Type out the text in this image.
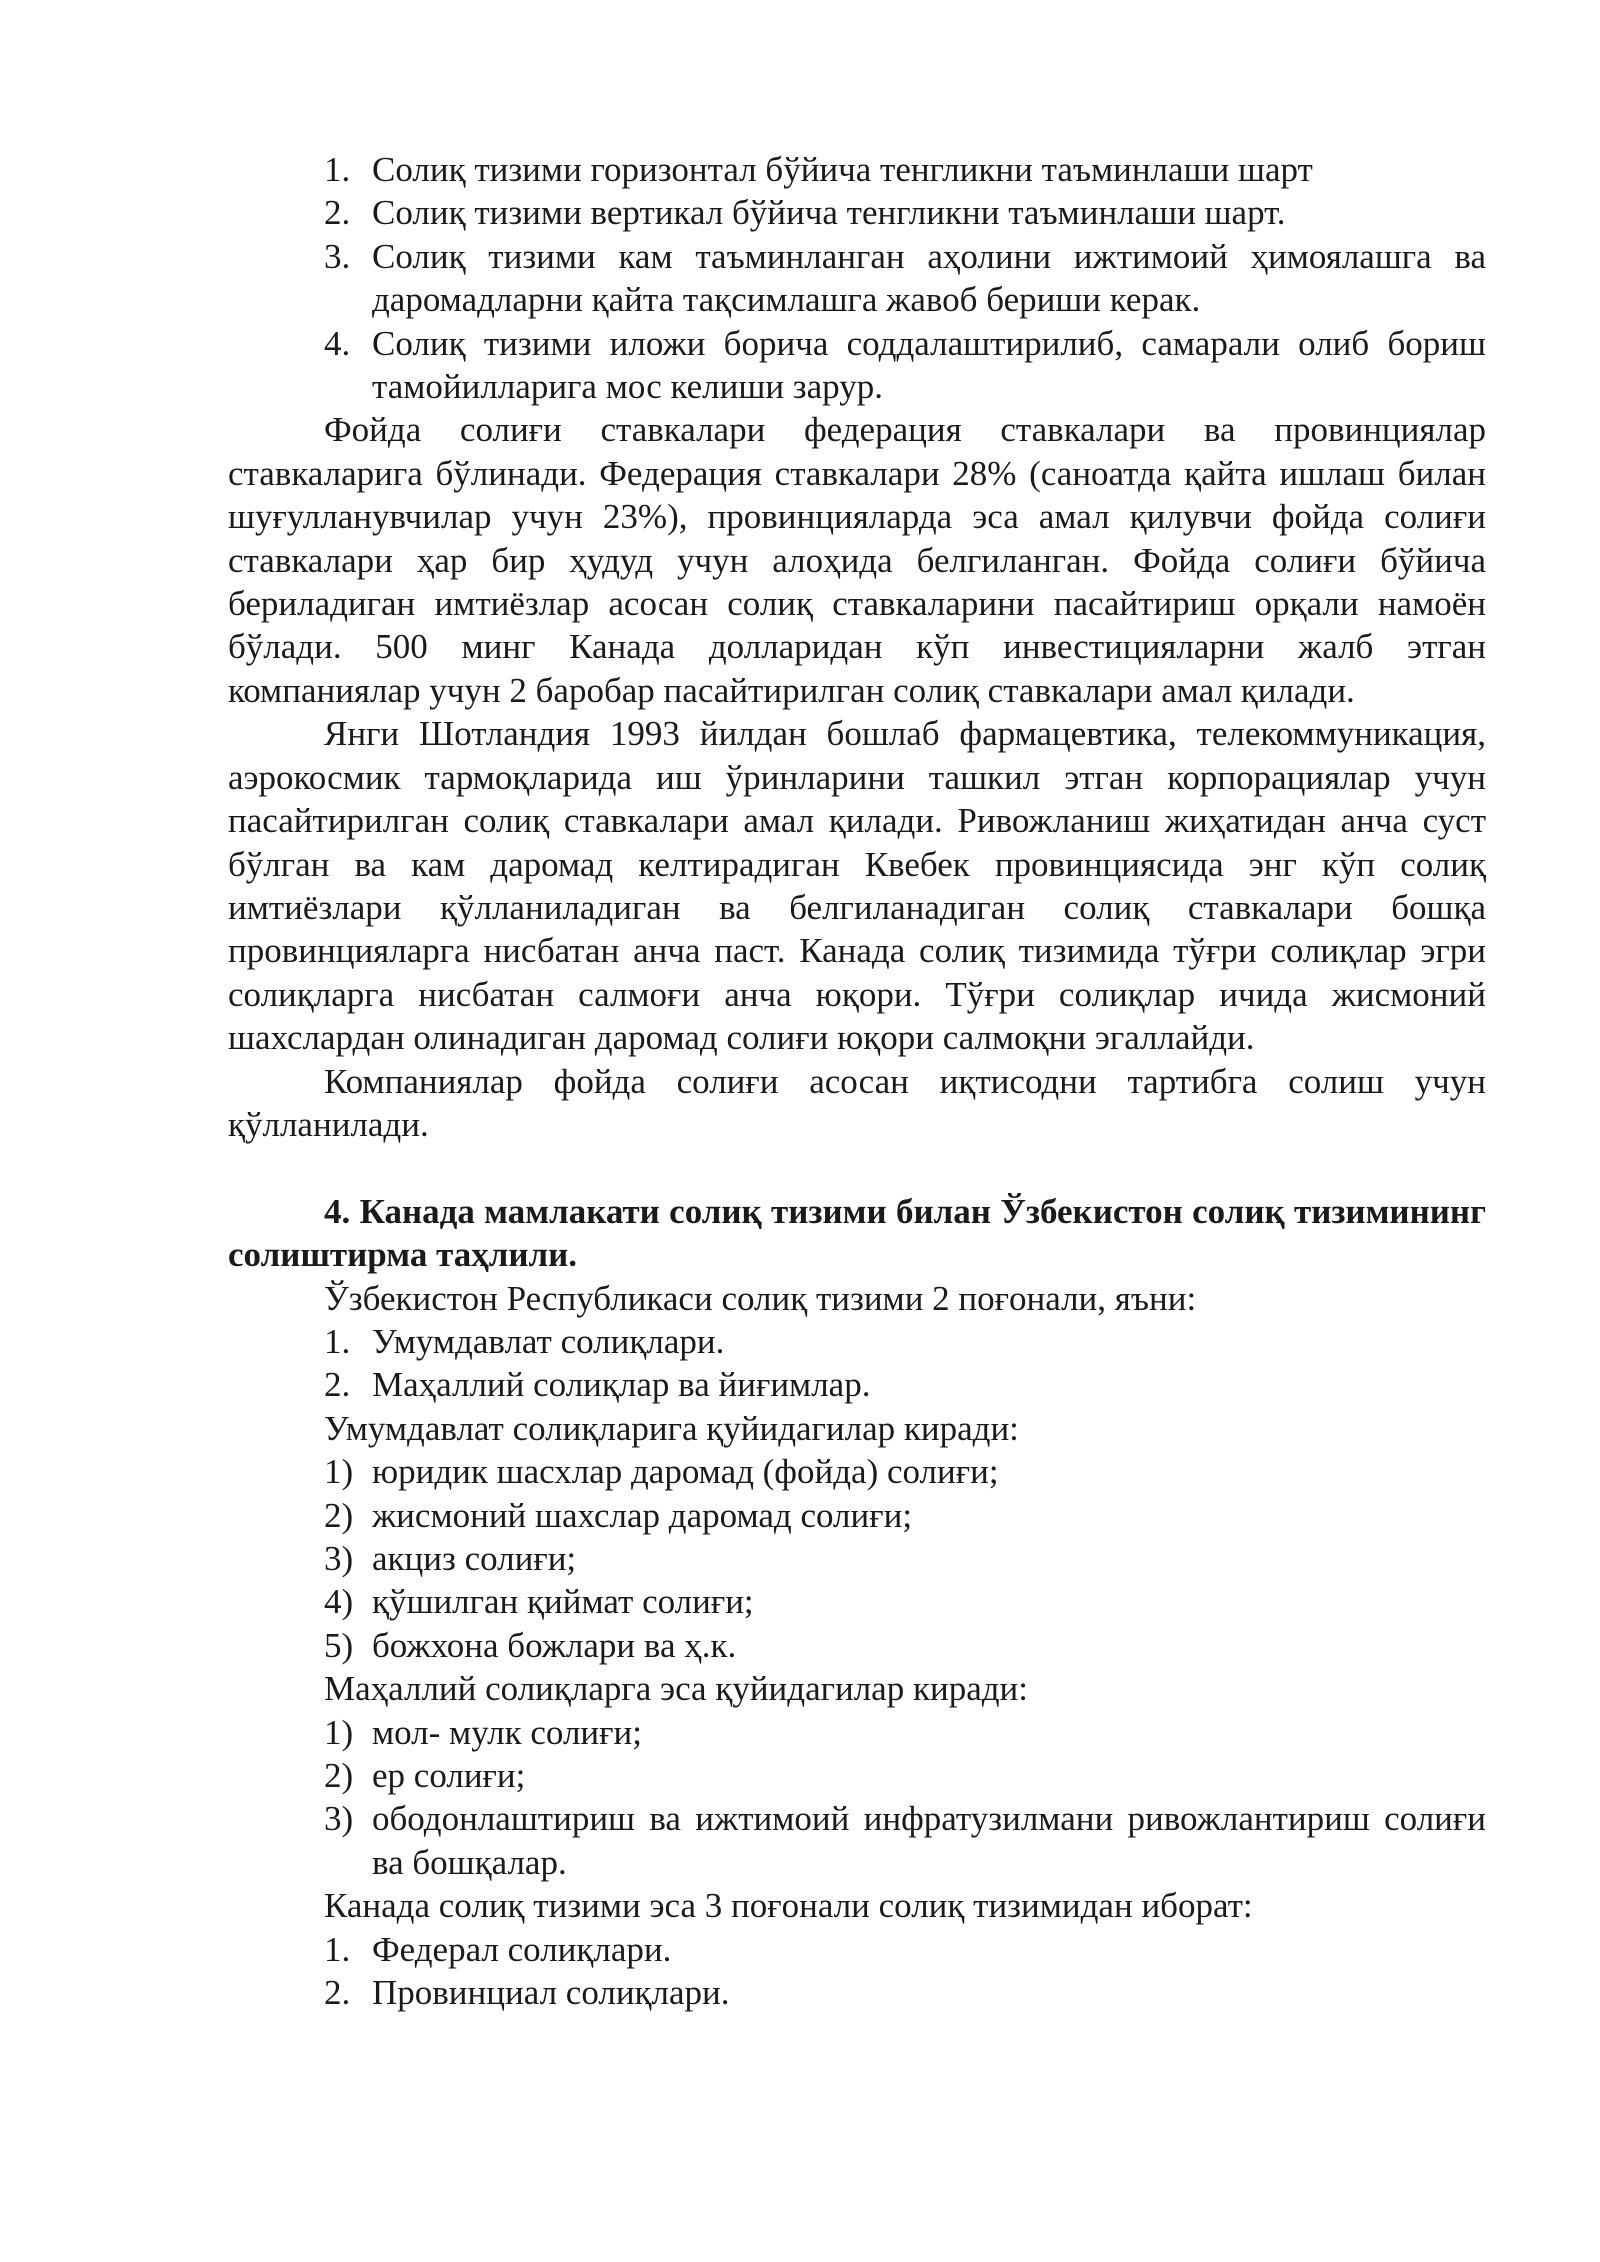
1. Солиқ тизими горизонтал бўйича тенгликни таъминлаши шарт

2. Солиқ тизими вертикал бўйича тенгликни таъминлаши шарт.

3. Солиқ тизими кам таъминланган аҳолини ижтимоий ҳимоялашга ва даромадларни қайта тақсимлашга жавоб бериши керак.

4. Солиқ тизими иложи борича соддалаштирилиб, самарали олиб бориш тамойилларига мос келиши зарур.

Фойда солиғи ставкалари федерация ставкалари ва провинциялар ставкаларига бўлинади. Федерация ставкалари 28% (саноатда қайта ишлаш билан шуғулланувчилар учун 23%), провинцияларда эса амал қилувчи фойда солиғи ставкалари ҳар бир ҳудуд учун алоҳида белгиланган. Фойда солиғи бўйича бериладиган имтиёзлар асосан солиқ ставкаларини пасайтириш орқали намоён бўлади. 500 минг Канада долларидан кўп инвестицияларни жалб этган компаниялар учун 2 баробар пасайтирилган солиқ ставкалари амал қилади.

Янги Шотландия 1993 йилдан бошлаб фармацевтика, телекоммуникация, аэрокосмик тармоқларида иш ўринларини ташкил этган корпорациялар учун пасайтирилган солиқ ставкалари амал қилади. Ривожланиш жиҳатидан анча суст бўлган ва кам даромад келтирадиган Квебек провинциясида энг кўп солиқ имтиёзлари қўлланиладиган ва белгиланадиган солиқ ставкалари бошқа провинцияларга нисбатан анча паст. Канада солиқ тизимида тўғри солиқлар эгри солиқларга нисбатан салмоғи анча юқори. Тўғри солиқлар ичида жисмоний шахслардан олинадиган даромад солиғи юқори салмоқни эгаллайди.

Компаниялар фойда солиғи асосан иқтисодни тартибга солиш учун қўлланилади.

4. Канада мамлакати солиқ тизими билан Ўзбекистон солиқ тизимининг солиштирма таҳлили.

Ўзбекистон Республикаси солиқ тизими 2 поғонали, яъни:

1. Умумдавлат солиқлари.

2. Маҳаллий солиқлар ва йиғимлар.

Умумдавлат солиқларига қуйидагилар киради:

1) юридик шасхлар даромад (фойда) солиғи;

2) жисмоний шахслар даромад солиғи;

3) акциз солиғи;

4) қўшилган қиймат солиғи;

5) божхона божлари ва ҳ.к.

Маҳаллий солиқларга эса қуйидагилар киради:

1) мол- мулк солиғи;

2) ер солиғи;

3) ободонлаштириш ва ижтимоий инфратузилмани ривожлантириш солиғи ва бошқалар.

Канада солиқ тизими эса 3 поғонали солиқ тизимидан иборат:

1. Федерал солиқлари.

2. Провинциал солиқлари.
